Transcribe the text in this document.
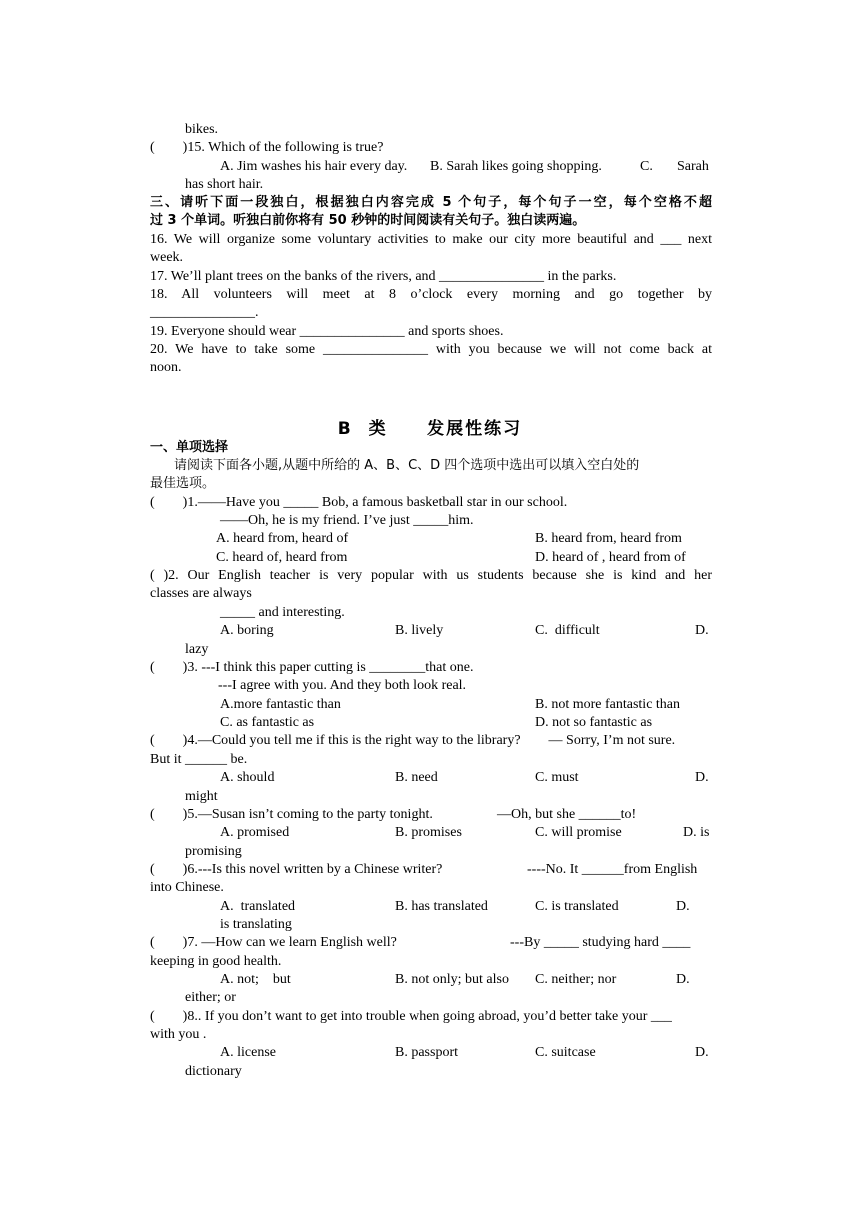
bikes.
(        )15. Which of the following is true?
A. Jim washes his hair every day. B. Sarah likes going shopping.	C. Sarah
has short hair.
三、请听下面一段独白，根据独白内容完成 5 个句子，每个句子一空，每个空格不超
过 3 个单词。听独白前你将有 50 秒钟的时间阅读有关句子。独白读两遍。
16. We will organize some voluntary activities to make our city more beautiful and ___ next
week.
17. We’ll plant trees on the banks of the rivers, and _______________ in the parks.
18. All volunteers will meet at 8 o’clock every morning and go together by
_______________.
19. Everyone should wear _______________ and sports shoes.
20. We have to take some _______________ with you because we will not come back at
noon.
B  类     发展性练习
一、单项选择
请阅读下面各小题,从题中所给的 A、B、C、D 四个选项中选出可以填入空白处的
最佳选项。
(        )1.——Have you _____ Bob, a famous basketball star in our school.
——Oh, he is my friend. I’ve just _____him.
A. heard from, heard of	B. heard from, heard from
C. heard of, heard from	D. heard of , heard from of
( )2. Our English teacher is very popular with us students because she is kind and her
classes are always
_____ and interesting.
A. boring	B. lively	C.  difficult	D.
lazy
(        )3. ---I think this paper cutting is ________that one.
---I agree with you. And they both look real.
A.more fantastic than	B. not more fantastic than
C. as fantastic as	D. not so fantastic as
(        )4.—Could you tell me if this is the right way to the library?        — Sorry, I’m not sure.
But it ______ be.
A. should	B. need	C. must	D.
might
(        )5.—Susan isn’t coming to the party tonight.	—Oh, but she ______to!
A. promised	B. promises	C. will promise	D. is
promising
(        )6.---Is this novel written by a Chinese writer?	----No. It ______from English
into Chinese.
A.  translated	B. has translated	C. is translated	D.
is translating
(        )7. —How can we learn English well?	---By _____ studying hard ____
keeping in good health.
A. not;    but	B. not only; but also C. neither; nor	D.
either; or
(        )8.. If you don’t want to get into trouble when going abroad, you’d better take your ___
with you .
A. license	B. passport	C. suitcase	D.
dictionary
